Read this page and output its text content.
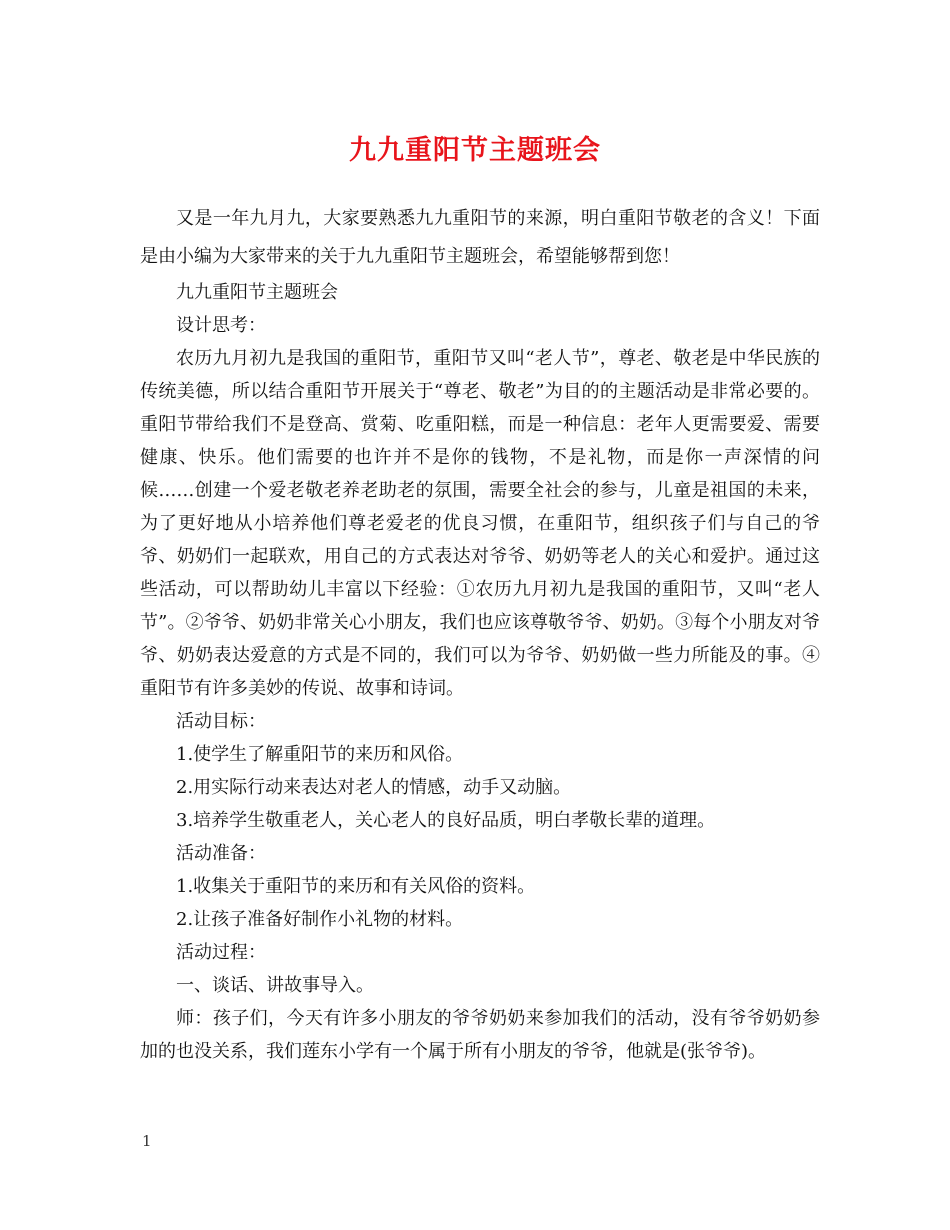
九九重阳节主题班会

又是一年九月九，大家要熟悉九九重阳节的来源，明白重阳节敬老的含义！下面是由小编为大家带来的关于九九重阳节主题班会，希望能够帮到您！

九九重阳节主题班会

设计思考：

农历九月初九是我国的重阳节，重阳节又叫“老人节”，尊老、敬老是中华民族的传统美德，所以结合重阳节开展关于“尊老、敬老”为目的的主题活动是非常必要的。重阳节带给我们不是登高、赏菊、吃重阳糕，而是一种信息：老年人更需要爱、需要健康、快乐。他们需要的也许并不是你的钱物，不是礼物，而是你一声深情的问候……创建一个爱老敬老养老助老的氛围，需要全社会的参与，儿童是祖国的未来，为了更好地从小培养他们尊老爱老的优良习惯，在重阳节，组织孩子们与自己的爷爷、奶奶们一起联欢，用自己的方式表达对爷爷、奶奶等老人的关心和爱护。通过这些活动，可以帮助幼儿丰富以下经验：①农历九月初九是我国的重阳节，又叫“老人节”。②爷爷、奶奶非常关心小朋友，我们也应该尊敬爷爷、奶奶。③每个小朋友对爷爷、奶奶表达爱意的方式是不同的，我们可以为爷爷、奶奶做一些力所能及的事。④重阳节有许多美妙的传说、故事和诗词。

活动目标：

1.使学生了解重阳节的来历和风俗。

2.用实际行动来表达对老人的情感，动手又动脑。

3.培养学生敬重老人，关心老人的良好品质，明白孝敬长辈的道理。

活动准备：

1.收集关于重阳节的来历和有关风俗的资料。

2.让孩子准备好制作小礼物的材料。

活动过程：

一、谈话、讲故事导入。

师：孩子们，今天有许多小朋友的爷爷奶奶来参加我们的活动，没有爷爷奶奶参加的也没关系，我们莲东小学有一个属于所有小朋友的爷爷，他就是(张爷爷)。

1
